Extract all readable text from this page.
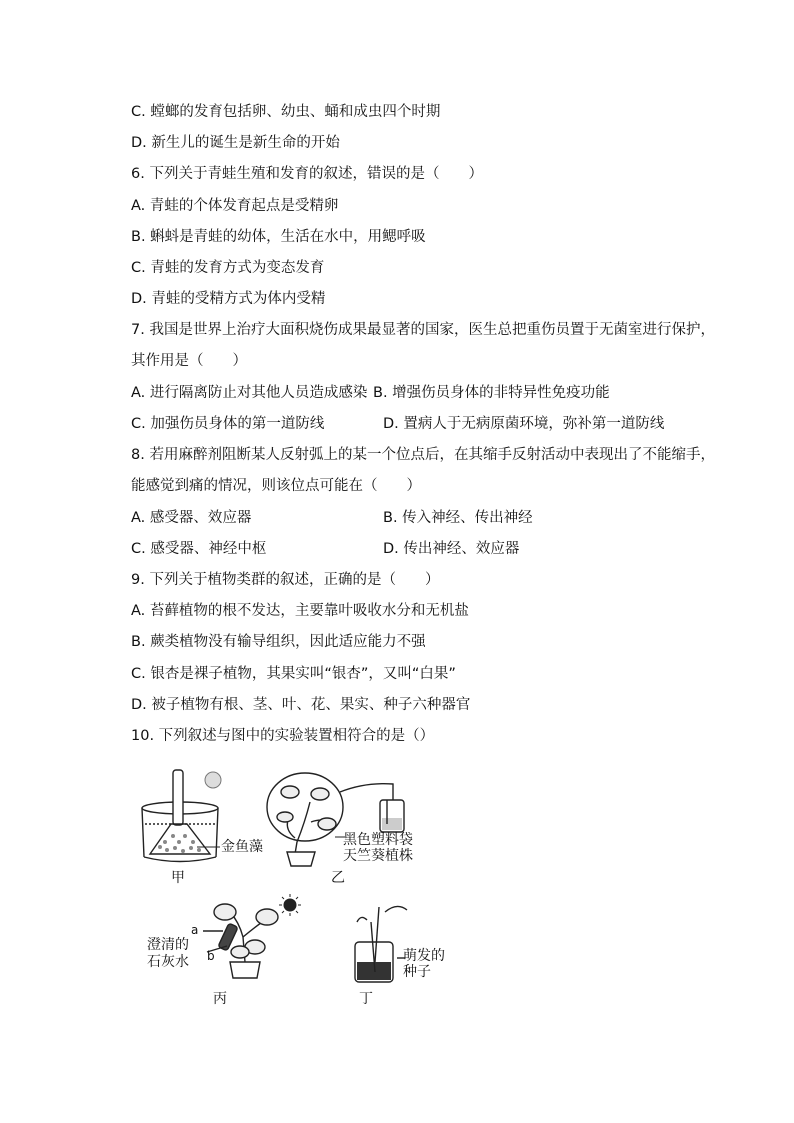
C. 螳螂的发育包括卵、幼虫、蛹和成虫四个时期
D. 新生儿的诞生是新生命的开始
6. 下列关于青蛙生殖和发育的叙述，错误的是（　　）
A. 青蛙的个体发育起点是受精卵
B. 蝌蚪是青蛙的幼体，生活在水中，用鳃呼吸
C. 青蛙的发育方式为变态发育
D. 青蛙的受精方式为体内受精
7. 我国是世界上治疗大面积烧伤成果最显著的国家，医生总把重伤员置于无菌室进行保护，
其作用是（　　）
A. 进行隔离防止对其他人员造成感染 B. 增强伤员身体的非特异性免疫功能
C. 加强伤员身体的第一道防线	D. 置病人于无病原菌环境，弥补第一道防线
8. 若用麻醉剂阻断某人反射弧上的某一个位点后，在其缩手反射活动中表现出了不能缩手，
能感觉到痛的情况，则该位点可能在（　　）
A. 感受器、效应器	B. 传入神经、传出神经
C. 感受器、神经中枢	D. 传出神经、效应器
9. 下列关于植物类群的叙述，正确的是（　　）
A. 苔藓植物的根不发达，主要靠叶吸收水分和无机盐
B. 蕨类植物没有输导组织，因此适应能力不强
C. 银杏是裸子植物，其果实叫“银杏”，又叫“白果”
D. 被子植物有根、茎、叶、花、果实、种子六种器官
10. 下列叙述与图中的实验装置相符合的是（）
金鱼藻
甲
黑色塑料袋
天竺葵植株
乙
澄清的
石灰水
a
b
丙
萌发的
种子
丁
